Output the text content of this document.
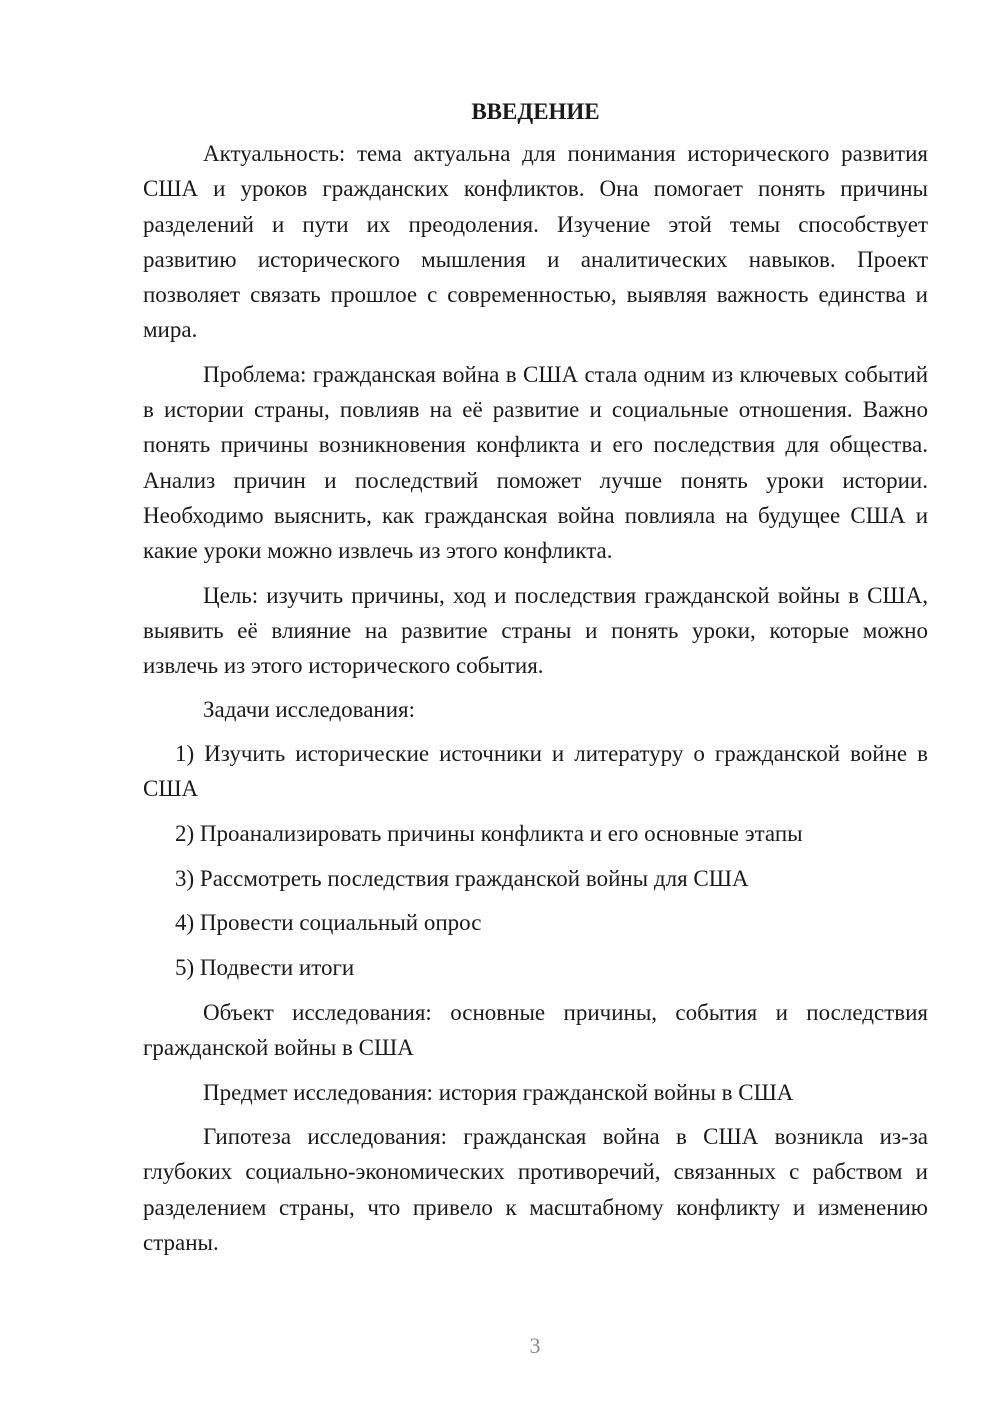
ВВЕДЕНИЕ

Актуальность: тема актуальна для понимания исторического развития США и уроков гражданских конфликтов. Она помогает понять причины разделений и пути их преодоления. Изучение этой темы способствует развитию исторического мышления и аналитических навыков. Проект позволяет связать прошлое с современностью, выявляя важность единства и мира.

Проблема: гражданская война в США стала одним из ключевых событий в истории страны, повлияв на её развитие и социальные отношения. Важно понять причины возникновения конфликта и его последствия для общества. Анализ причин и последствий поможет лучше понять уроки истории. Необходимо выяснить, как гражданская война повлияла на будущее США и какие уроки можно извлечь из этого конфликта.

Цель: изучить причины, ход и последствия гражданской войны в США, выявить её влияние на развитие страны и понять уроки, которые можно извлечь из этого исторического события.

Задачи исследования:

1) Изучить исторические источники и литературу о гражданской войне в США

2) Проанализировать причины конфликта и его основные этапы

3) Рассмотреть последствия гражданской войны для США

4) Провести социальный опрос

5) Подвести итоги

Объект исследования: основные причины, события и последствия гражданской войны в США

Предмет исследования: история гражданской войны в США

Гипотеза исследования: гражданская война в США возникла из-за глубоких социально-экономических противоречий, связанных с рабством и разделением страны, что привело к масштабному конфликту и изменению страны.

3
